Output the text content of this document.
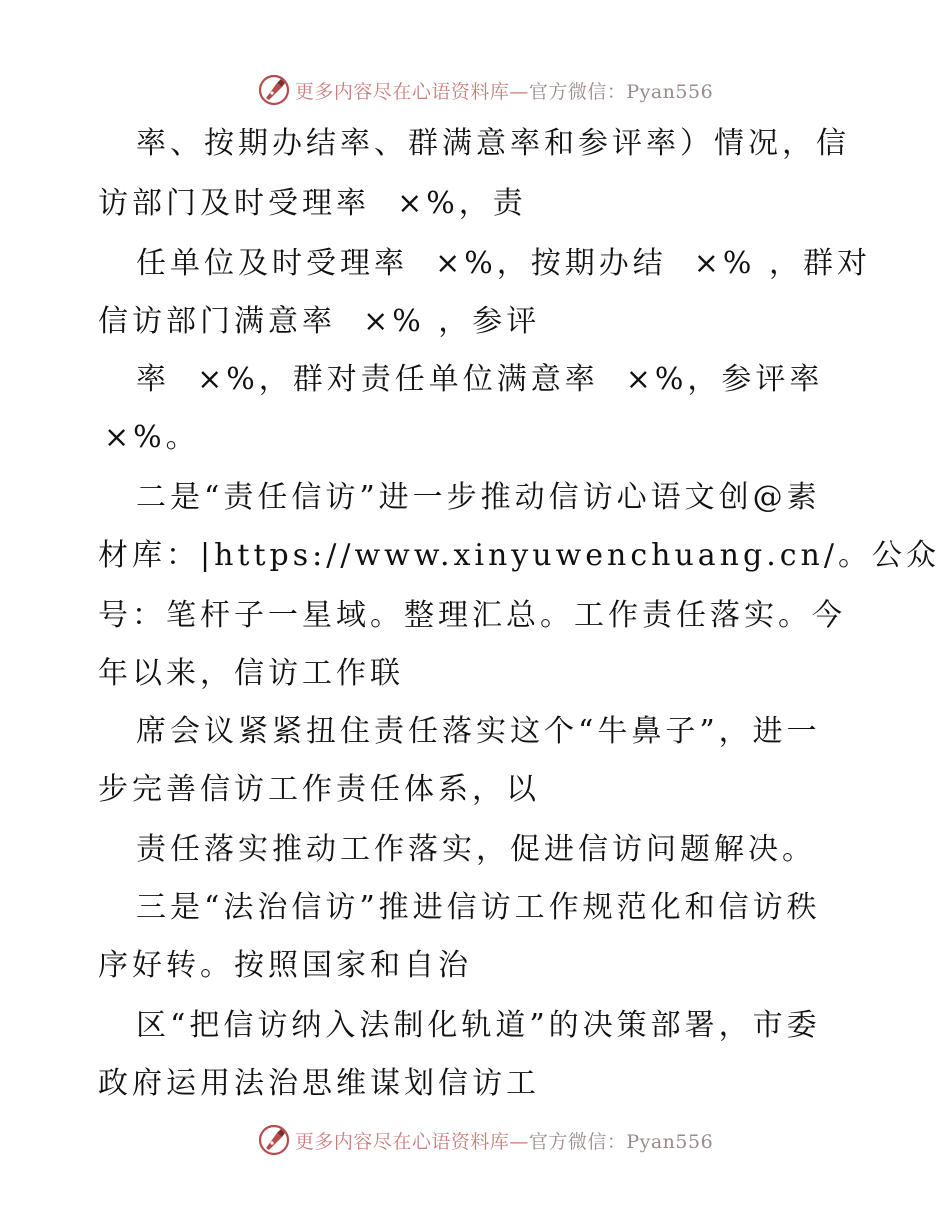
更多内容尽在心语资料库—官方微信：Pyan556
率、按期办结率、群满意率和参评率）情况，信
访部门及时受理率  ×%，责
任单位及时受理率  ×%，按期办结  ×% ，群对
信访部门满意率  ×% ，参评
率  ×%，群对责任单位满意率  ×%，参评率
×%。
二是“责任信访”进一步推动信访心语文创@素
材库：|https://www.xinyuwenchuang.cn/。公众
号：笔杆子一星域。整理汇总。工作责任落实。今
年以来，信访工作联
席会议紧紧扭住责任落实这个“牛鼻子”，进一
步完善信访工作责任体系，以
责任落实推动工作落实，促进信访问题解决。
三是“法治信访”推进信访工作规范化和信访秩
序好转。按照国家和自治
区“把信访纳入法制化轨道”的决策部署，市委
政府运用法治思维谋划信访工
更多内容尽在心语资料库—官方微信：Pyan556
